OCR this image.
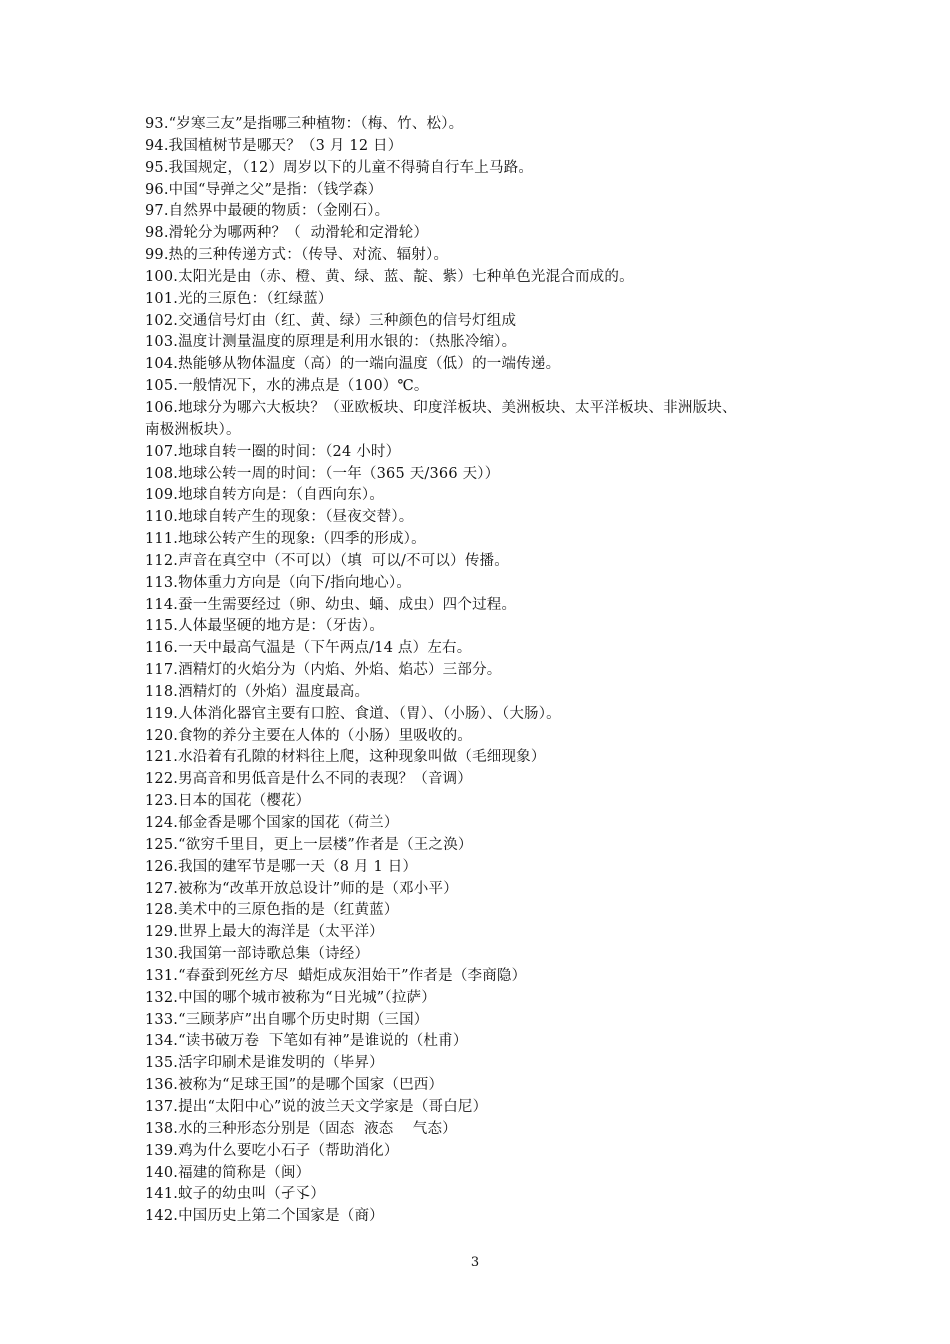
93.“岁寒三友”是指哪三种植物：（梅、竹、松）。
94.我国植树节是哪天？（3 月 12 日）
95.我国规定，（12）周岁以下的儿童不得骑自行车上马路。
96.中国“导弹之父”是指：（钱学森）
97.自然界中最硬的物质：（金刚石）。
98.滑轮分为哪两种？（  动滑轮和定滑轮）
99.热的三种传递方式：（传导、对流、辐射）。
100.太阳光是由（赤、橙、黄、绿、蓝、靛、紫）七种单色光混合而成的。
101.光的三原色：（红绿蓝）
102.交通信号灯由（红、黄、绿）三种颜色的信号灯组成
103.温度计测量温度的原理是利用水银的：（热胀冷缩）。
104.热能够从物体温度（高）的一端向温度（低）的一端传递。
105.一般情况下，水的沸点是（100）℃。
106.地球分为哪六大板块？（亚欧板块、印度洋板块、美洲板块、太平洋板块、非洲版块、
南极洲板块）。
107.地球自转一圈的时间：（24 小时）
108.地球公转一周的时间：（一年（365 天/366 天））
109.地球自转方向是：（自西向东）。
110.地球自转产生的现象：（昼夜交替）。
111.地球公转产生的现象:（四季的形成）。
112.声音在真空中（不可以）（填  可以/不可以）传播。
113.物体重力方向是（向下/指向地心）。
114.蚕一生需要经过（卵、幼虫、蛹、成虫）四个过程。
115.人体最坚硬的地方是：（牙齿）。
116.一天中最高气温是（下午两点/14 点）左右。
117.酒精灯的火焰分为（内焰、外焰、焰芯）三部分。
118.酒精灯的（外焰）温度最高。
119.人体消化器官主要有口腔、食道、（胃）、（小肠）、（大肠）。
120.食物的养分主要在人体的（小肠）里吸收的。
121.水沿着有孔隙的材料往上爬，这种现象叫做（毛细现象）
122.男高音和男低音是什么不同的表现？（音调）
123.日本的国花（樱花）
124.郁金香是哪个国家的国花（荷兰）
125.“欲穷千里目，更上一层楼”作者是（王之涣）
126.我国的建军节是哪一天（8 月 1 日）
127.被称为“改革开放总设计”师的是（邓小平）
128.美术中的三原色指的是（红黄蓝）
129.世界上最大的海洋是（太平洋）
130.我国第一部诗歌总集（诗经）
131.“春蚕到死丝方尽  蜡炬成灰泪始干”作者是（李商隐）
132.中国的哪个城市被称为“日光城”（拉萨）
133.“三顾茅庐”出自哪个历史时期（三国）
134.“读书破万卷  下笔如有神”是谁说的（杜甫）
135.活字印刷术是谁发明的（毕昇）
136.被称为“足球王国”的是哪个国家（巴西）
137.提出“太阳中心”说的波兰天文学家是（哥白尼）
138.水的三种形态分别是（固态  液态    气态）
139.鸡为什么要吃小石子（帮助消化）
140.福建的简称是（闽）
141.蚊子的幼虫叫（孑孓）
142.中国历史上第二个国家是（商）
3
